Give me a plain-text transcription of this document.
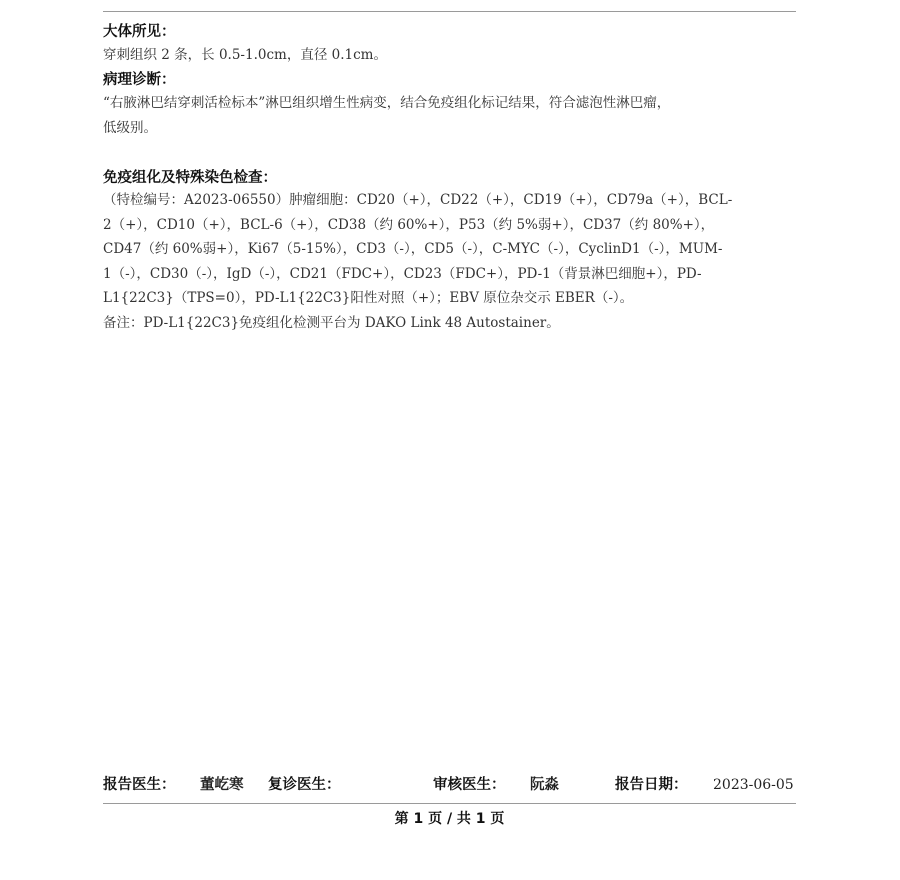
大体所见：
穿刺组织 2 条，长 0.5-1.0cm，直径 0.1cm。
病理诊断：
“右腋淋巴结穿刺活检标本”淋巴组织增生性病变，结合免疫组化标记结果，符合滤泡性淋巴瘤，
低级别。
免疫组化及特殊染色检查：
（特检编号：A2023-06550）肿瘤细胞：CD20（+），CD22（+），CD19（+），CD79a（+），BCL-
2（+），CD10（+），BCL-6（+），CD38（约 60%+），P53（约 5%弱+），CD37（约 80%+），
CD47（约 60%弱+），Ki67（5-15%），CD3（-），CD5（-），C-MYC（-），CyclinD1（-），MUM-
1（-），CD30（-），IgD（-），CD21（FDC+），CD23（FDC+），PD-1（背景淋巴细胞+），PD-
L1{22C3}（TPS=0），PD-L1{22C3}阳性对照（+）；EBV 原位杂交示 EBER（-）。
备注：PD-L1{22C3}免疫组化检测平台为 DAKO Link 48 Autostainer。
报告医生： 董屹寒 复诊医生：	审核医生： 阮淼	报告日期： 2023-06-05
第 1 页 / 共 1 页
